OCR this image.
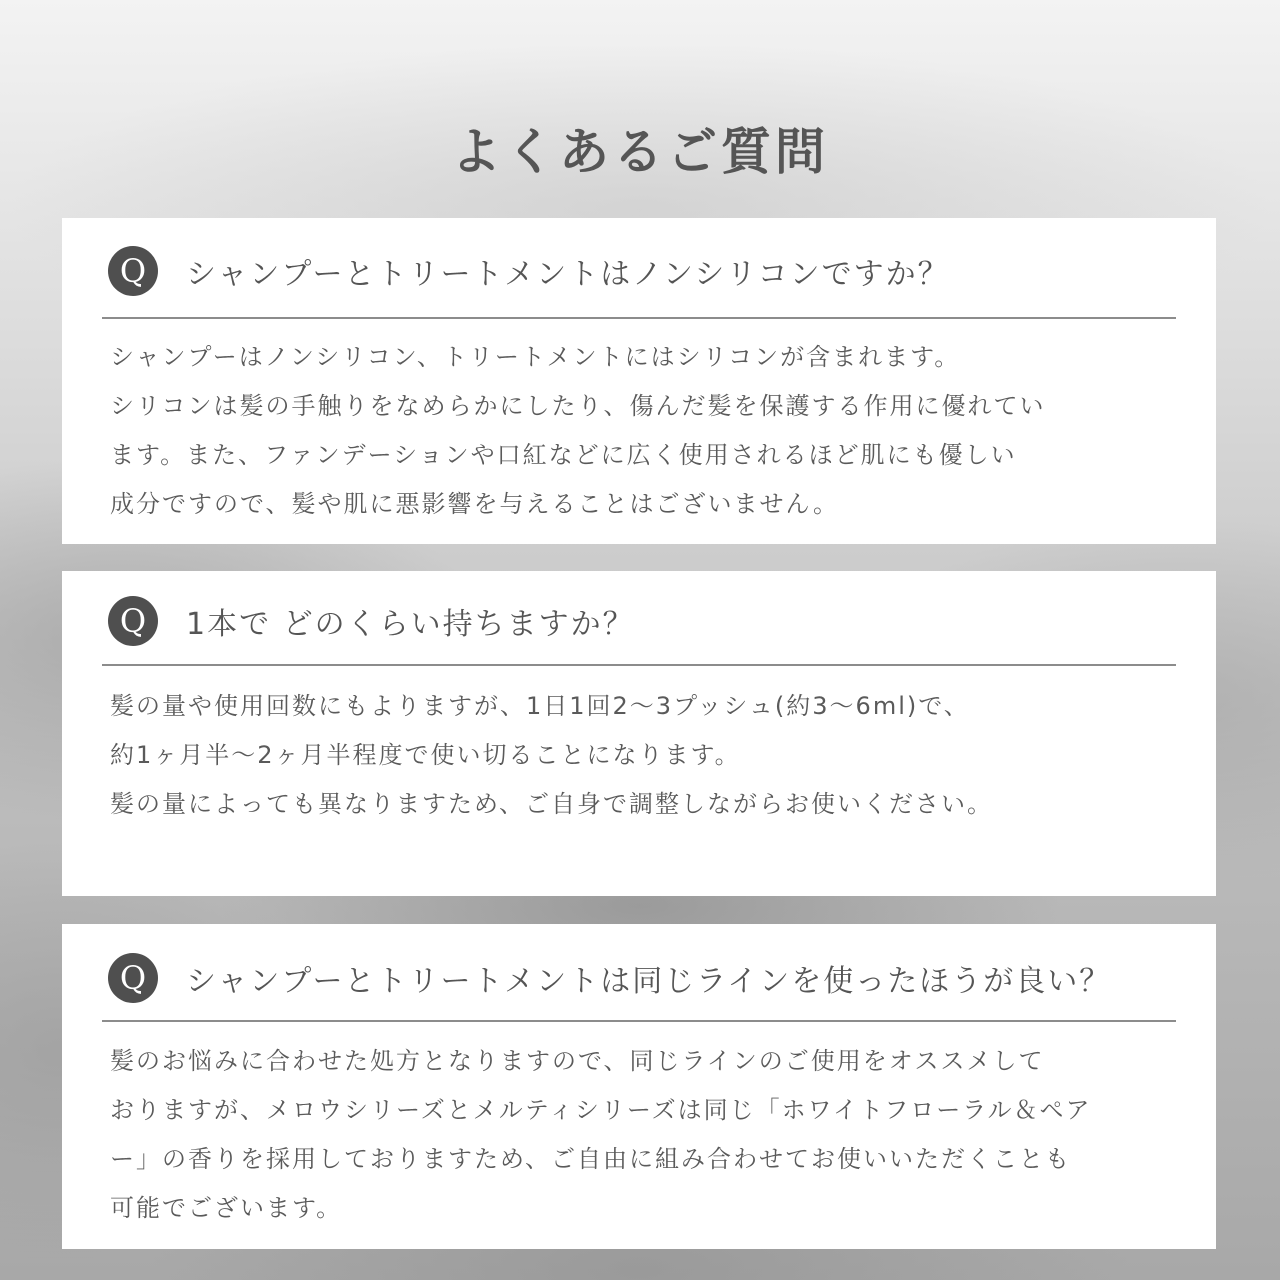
よくあるご質問
Q	シャンプーとトリートメントはノンシリコンですか？
シャンプーはノンシリコン、トリートメントにはシリコンが含まれます。
シリコンは髪の手触りをなめらかにしたり、傷んだ髪を保護する作用に優れてい
ます。また、ファンデーションや口紅などに広く使用されるほど肌にも優しい
成分ですので、髪や肌に悪影響を与えることはございません。
Q	1本で どのくらい持ちますか？
髪の量や使用回数にもよりますが、1日1回2〜3プッシュ(約3〜6ml)で、
約1ヶ月半〜2ヶ月半程度で使い切ることになります。
髪の量によっても異なりますため、ご自身で調整しながらお使いください。
Q	シャンプーとトリートメントは同じラインを使ったほうが良い？
髪のお悩みに合わせた処方となりますので、同じラインのご使用をオススメして
おりますが、メロウシリーズとメルティシリーズは同じ「ホワイトフローラル＆ペア
ー」の香りを採用しておりますため、ご自由に組み合わせてお使いいただくことも
可能でございます。
